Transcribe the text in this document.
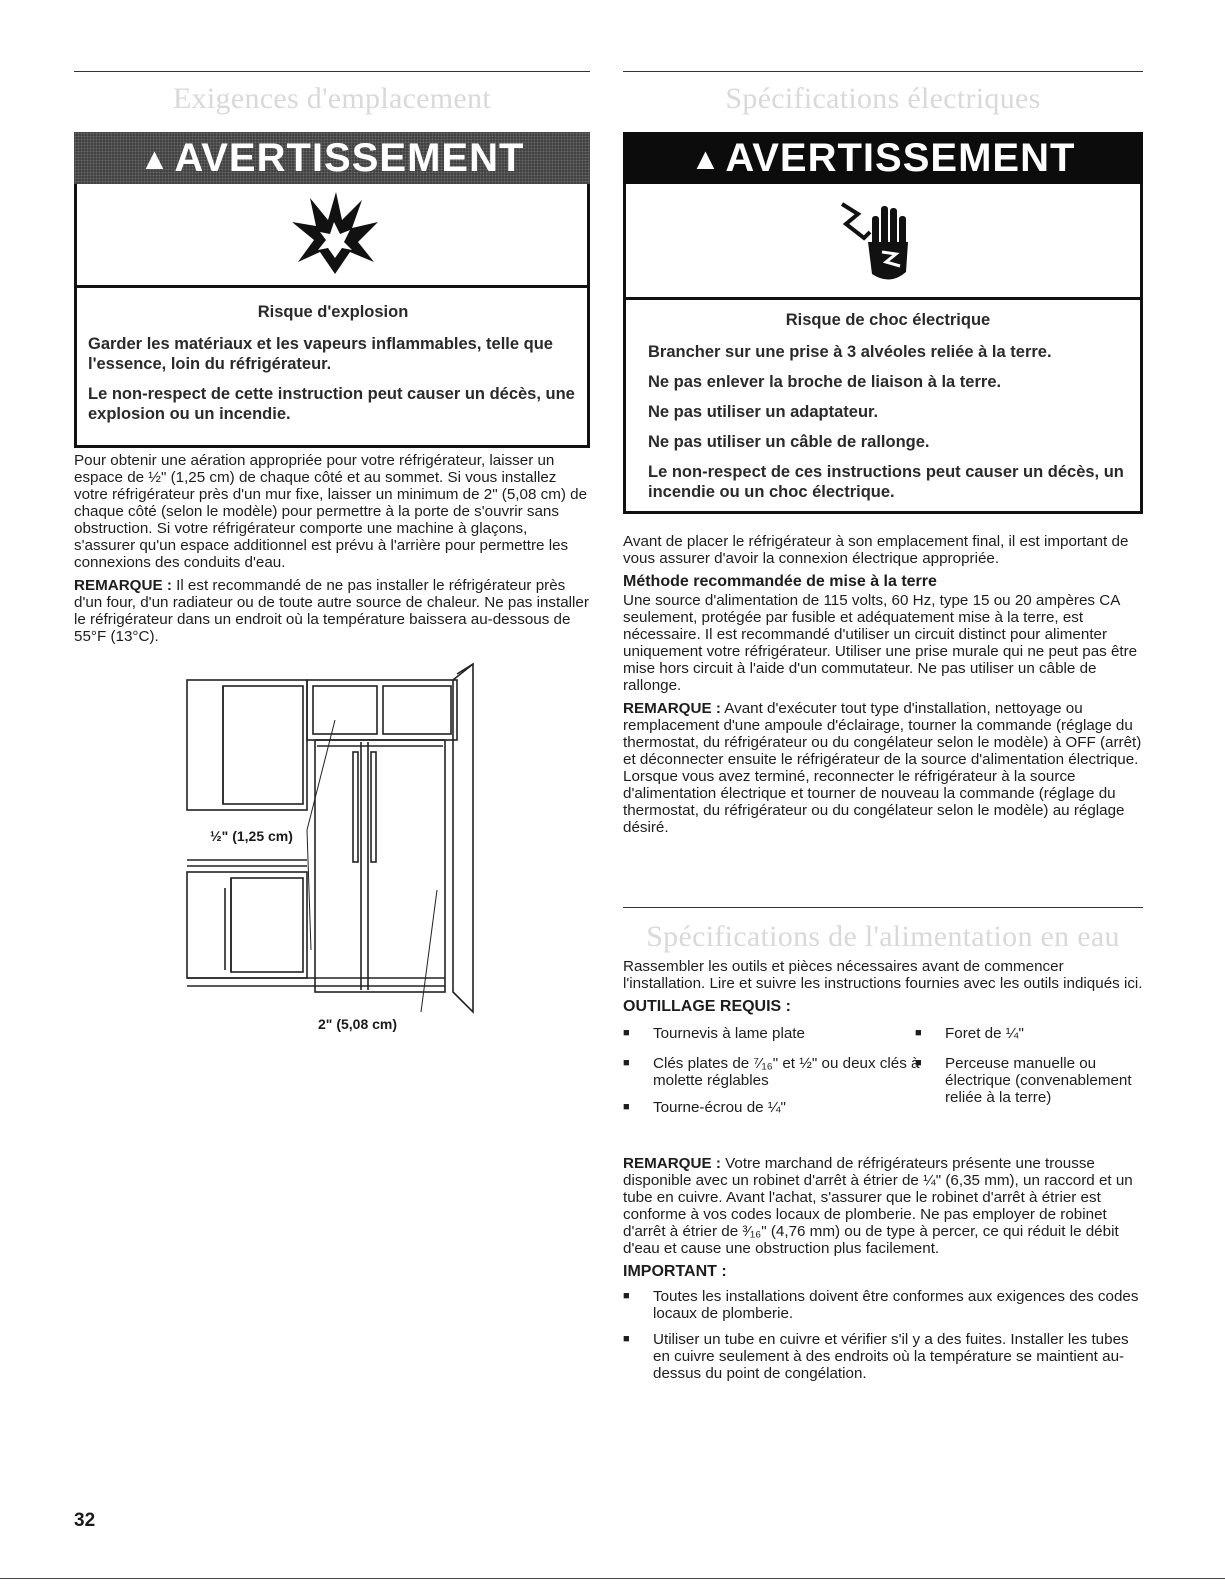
Exigences d'emplacement
▲ AVERTISSEMENT
Risque d'explosion

Garder les matériaux et les vapeurs inflammables, telle que l'essence, loin du réfrigérateur.

Le non-respect de cette instruction peut causer un décès, une explosion ou un incendie.

Pour obtenir une aération appropriée pour votre réfrigérateur, laisser un espace de ½" (1,25 cm) de chaque côté et au sommet. Si vous installez votre réfrigérateur près d'un mur fixe, laisser un minimum de 2" (5,08 cm) de chaque côté (selon le modèle) pour permettre à la porte de s'ouvrir sans obstruction. Si votre réfrigérateur comporte une machine à glaçons, s'assurer qu'un espace additionnel est prévu à l'arrière pour permettre les connexions des conduits d'eau.

REMARQUE : Il est recommandé de ne pas installer le réfrigérateur près d'un four, d'un radiateur ou de toute autre source de chaleur. Ne pas installer le réfrigérateur dans un endroit où la température baissera au-dessous de 55°F (13°C).

½" (1,25 cm)
2" (5,08 cm)
Spécifications électriques
▲ AVERTISSEMENT
Risque de choc électrique

Brancher sur une prise à 3 alvéoles reliée à la terre.

Ne pas enlever la broche de liaison à la terre.

Ne pas utiliser un adaptateur.

Ne pas utiliser un câble de rallonge.

Le non-respect de ces instructions peut causer un décès, un incendie ou un choc électrique.

Avant de placer le réfrigérateur à son emplacement final, il est important de vous assurer d'avoir la connexion électrique appropriée.

Méthode recommandée de mise à la terre

Une source d'alimentation de 115 volts, 60 Hz, type 15 ou 20 ampères CA seulement, protégée par fusible et adéquatement mise à la terre, est nécessaire. Il est recommandé d'utiliser un circuit distinct pour alimenter uniquement votre réfrigérateur. Utiliser une prise murale qui ne peut pas être mise hors circuit à l'aide d'un commutateur. Ne pas utiliser un câble de rallonge.

REMARQUE : Avant d'exécuter tout type d'installation, nettoyage ou remplacement d'une ampoule d'éclairage, tourner la commande (réglage du thermostat, du réfrigérateur ou du congélateur selon le modèle) à OFF (arrêt) et déconnecter ensuite le réfrigérateur de la source d'alimentation électrique. Lorsque vous avez terminé, reconnecter le réfrigérateur à la source d'alimentation électrique et tourner de nouveau la commande (réglage du thermostat, du réfrigérateur ou du congélateur selon le modèle) au réglage désiré.

Spécifications de l'alimentation en eau

Rassembler les outils et pièces nécessaires avant de commencer l'installation. Lire et suivre les instructions fournies avec les outils indiqués ici.

OUTILLAGE REQUIS :
■ Tournevis à lame plate
■ Clés plates de ⁷⁄₁₆" et ½" ou deux clés à molette réglables
■ Tourne-écrou de ¼"
■ Foret de ¼"
■ Perceuse manuelle ou électrique (convenablement reliée à la terre)

REMARQUE : Votre marchand de réfrigérateurs présente une trousse disponible avec un robinet d'arrêt à étrier de ¼" (6,35 mm), un raccord et un tube en cuivre. Avant l'achat, s'assurer que le robinet d'arrêt à étrier est conforme à vos codes locaux de plomberie. Ne pas employer de robinet d'arrêt à étrier de ³⁄₁₆" (4,76 mm) ou de type à percer, ce qui réduit le débit d'eau et cause une obstruction plus facilement.

IMPORTANT :
■ Toutes les installations doivent être conformes aux exigences des codes locaux de plomberie.
■ Utiliser un tube en cuivre et vérifier s'il y a des fuites. Installer les tubes en cuivre seulement à des endroits où la température se maintient au-dessus du point de congélation.
32
